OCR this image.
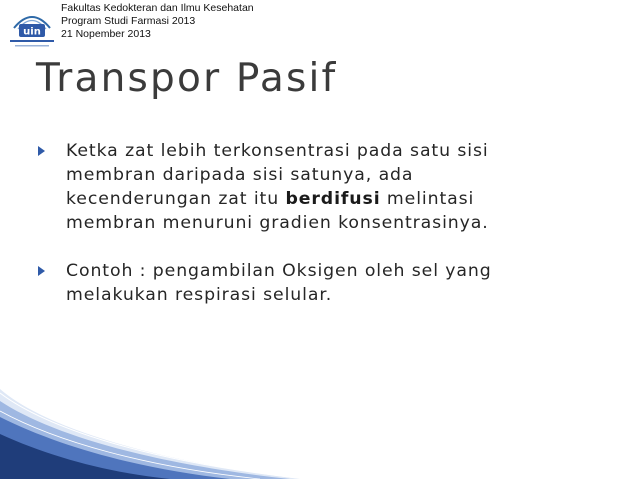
uin
Fakultas Kedokteran dan Ilmu Kesehatan
Program Studi Farmasi 2013
21 Nopember 2013
Transpor Pasif
Ketka zat lebih terkonsentrasi pada satu sisi
membran daripada sisi satunya, ada
kecenderungan zat itu berdifusi melintasi
membran menuruni gradien konsentrasinya.
Contoh : pengambilan Oksigen oleh sel yang
melakukan respirasi selular.
